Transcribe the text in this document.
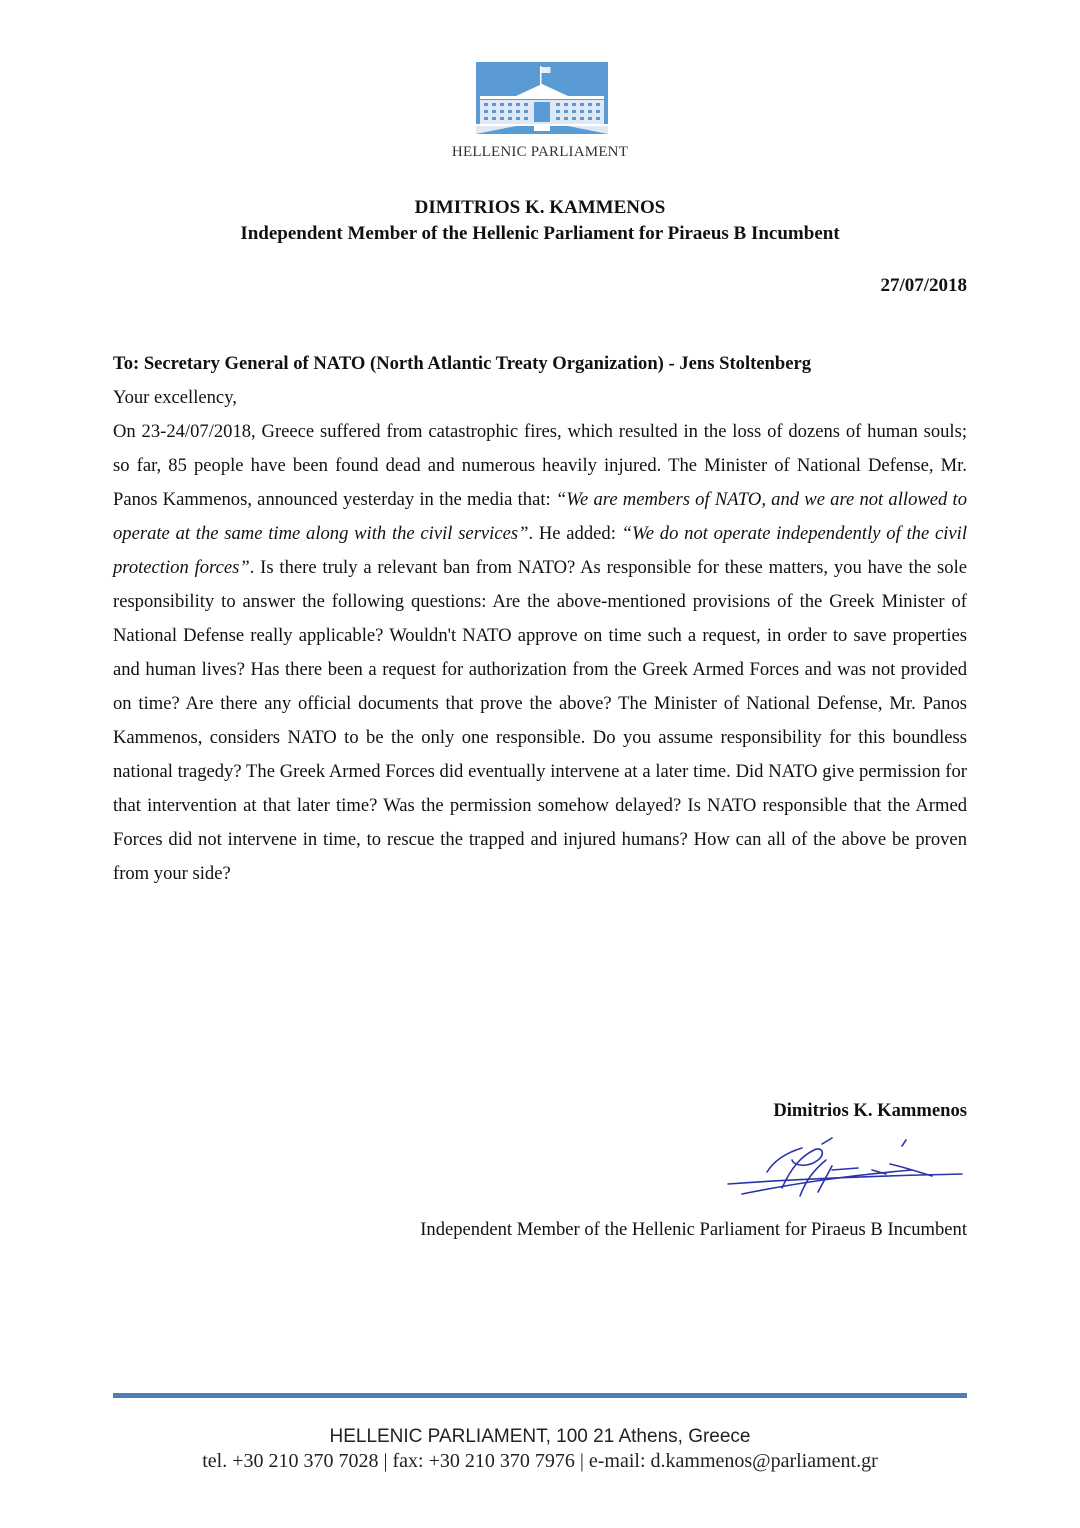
HELLENIC PARLIAMENT
DIMITRIOS K. KAMMENOS
Independent Member of the Hellenic Parliament for Piraeus B Incumbent
27/07/2018

To: Secretary General of NATO (North Atlantic Treaty Organization) - Jens Stoltenberg

Your excellency,

On 23-24/07/2018, Greece suffered from catastrophic fires, which resulted in the loss of dozens of human souls; so far, 85 people have been found dead and numerous heavily injured. The Minister of National Defense, Mr. Panos Kammenos, announced yesterday in the media that: “We are members of NATO, and we are not allowed to operate at the same time along with the civil services”. He added: “We do not operate independently of the civil protection forces”. Is there truly a relevant ban from NATO? As responsible for these matters, you have the sole responsibility to answer the following questions: Are the above-mentioned provisions of the Greek Minister of National Defense really applicable? Wouldn't NATO approve on time such a request, in order to save properties and human lives? Has there been a request for authorization from the Greek Armed Forces and was not provided on time? Are there any official documents that prove the above? The Minister of National Defense, Mr. Panos Kammenos, considers NATO to be the only one responsible. Do you assume responsibility for this boundless national tragedy? The Greek Armed Forces did eventually intervene at a later time. Did NATO give permission for that intervention at that later time? Was the permission somehow delayed? Is NATO responsible that the Armed Forces did not intervene in time, to rescue the trapped and injured humans? How can all of the above be proven from your side?

Dimitrios K. Kammenos
Independent Member of the Hellenic Parliament for Piraeus B Incumbent
HELLENIC PARLIAMENT, 100 21 Athens, Greece
tel. +30 210 370 7028 | fax: +30 210 370 7976 | e-mail: d.kammenos@parliament.gr
